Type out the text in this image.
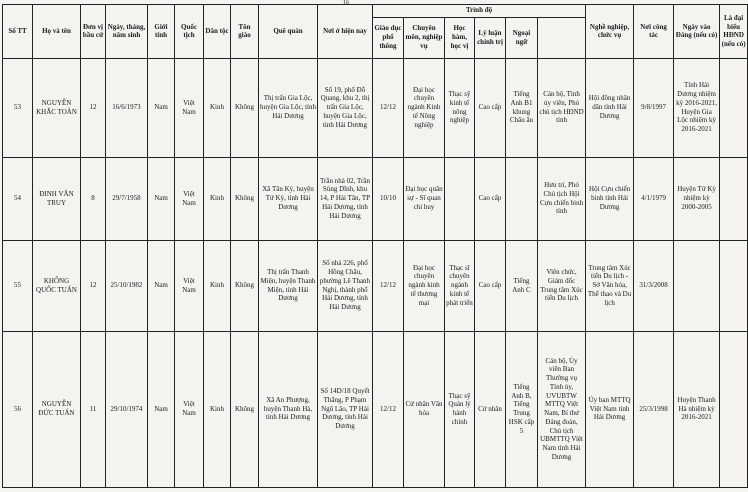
16
Số TT	Họ và tên	Đơn vị bầu cử	Ngày, tháng, năm sinh	Giới tính	Quốc tịch	Dân tộc	Tôn giáo	Quê quán	Nơi ở hiện nay	Trình độ						Nghề nghiệp, chức vụ	Nơi công tác	Ngày vào Đảng (nếu có)	Là đại biểu HĐND (nếu có)	
										Giáo dục phổ thông	Chuyên môn, nghiệp vụ	Học hàm, học vị	Lý luận chính trị	Ngoại ngữ						
53	NGUYỄN KHẮC TOÀN	12	16/6/1973	Nam	Việt Nam	Kinh	Không	Thị trấn Gia Lộc, huyện Gia Lộc, tỉnh Hải Dương	Số 19, phố Đỗ Quang, khu 2, thị trấn Gia Lộc, huyện Gia Lộc, tỉnh Hải Dương	12/12	Đại học chuyên ngành Kinh tế Nông nghiệp	Thạc sỹ kinh tế nông nghiệp	Cao cấp	Tiếng Anh B1 khung Châu âu	Cán bộ, Tỉnh ủy viên, Phó chủ tịch HĐND tỉnh	Hội đồng nhân dân tỉnh Hải Dương	9/8/1997	Tỉnh Hải Dương nhiệm kỳ 2016-2021, Huyện Gia Lộc nhiệm kỳ 2016-2021		
54	ĐINH VĂN TRUY	8	29/7/1958	Nam	Việt Nam	Kinh	Không	Xã Tân Kỳ, huyện Tứ Kỳ, tỉnh Hải Dương	Trần nhà 02, Trần Sùng Dĩnh, khu 14, P Hải Tân, TP Hải Dương, tỉnh Hải Dương	10/10	Đại học quân sự - Sĩ quan chỉ huy		Cao cấp		Hưu trí, Phó Chủ tịch Hội Cựu chiến binh tỉnh	Hội Cựu chiến binh tỉnh Hải Dương	4/1/1979	Huyện Tứ Kỳ nhiệm kỳ 2000-2005		
55	KHỔNG QUỐC TUẤN	12	25/10/1982	Nam	Việt Nam	Kinh	Không	Thị trấn Thanh Miện, huyện Thanh Miện, tỉnh Hải Dương	Số nhà 226, phố Hồng Châu, phường Lê Thanh Nghị, thành phố Hải Dương, tỉnh Hải Dương	12/12	Đại học chuyên ngành kinh tế thương mại	Thạc sĩ chuyên ngành kinh tế phát triển	Cao cấp	Tiếng Anh C	Viên chức, Giám đốc Trung tâm Xúc tiến Du lịch	Trung tâm Xúc tiến Du lịch - Sở Văn hóa, Thể thao và Du lịch	31/3/2008			
56	NGUYỄN ĐỨC TUẤN	11	29/10/1974	Nam	Việt Nam	Kinh	Không	Xã An Phượng, huyện Thanh Hà, tỉnh Hải Dương	Số 14D/18 Quyết Thắng, P Phạm Ngũ Lão, TP Hải Dương, tỉnh Hải Dương	12/12	Cử nhân Văn hóa	Thạc sỹ Quản lý hành chính	Cử nhân	Tiếng Anh B, Tiếng Trung HSK cấp 5	Cán bộ, Ủy viên Ban Thường vụ Tỉnh ủy, UVUBTW MTTQ Việt Nam, Bí thư Đảng đoàn, Chủ tịch UBMTTQ Việt Nam tỉnh Hải Dương	Ủy ban MTTQ Việt Nam tỉnh Hải Dương	25/3/1998	Huyện Thanh Hà nhiệm kỳ 2016-2021		
